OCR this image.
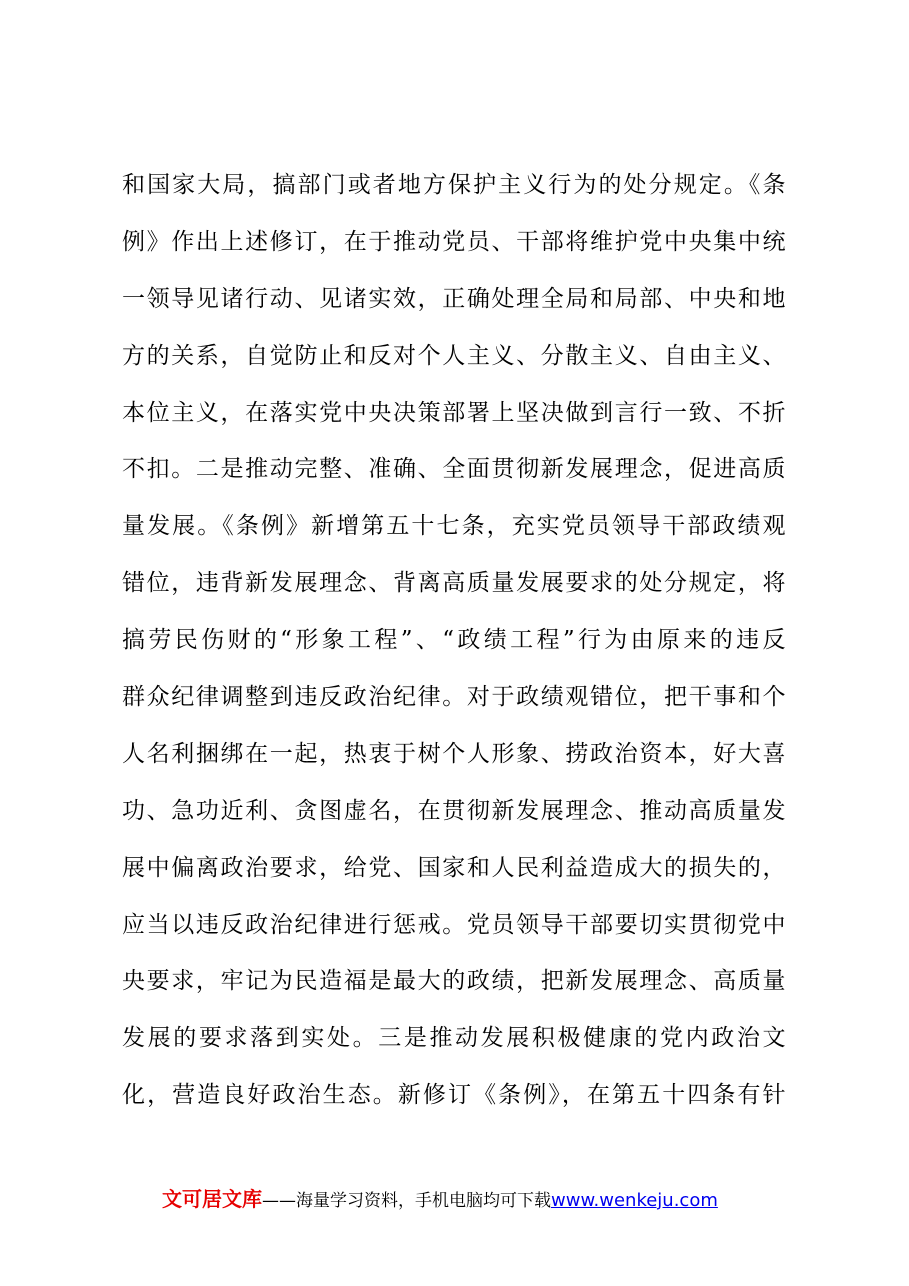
和国家大局，搞部门或者地方保护主义行为的处分规定。《条
例》作出上述修订，在于推动党员、干部将维护党中央集中统
一领导见诸行动、见诸实效，正确处理全局和局部、中央和地
方的关系，自觉防止和反对个人主义、分散主义、自由主义、
本位主义，在落实党中央决策部署上坚决做到言行一致、不折
不扣。二是推动完整、准确、全面贯彻新发展理念，促进高质
量发展。《条例》新增第五十七条，充实党员领导干部政绩观
错位，违背新发展理念、背离高质量发展要求的处分规定，将
搞劳民伤财的“形象工程”、“政绩工程”行为由原来的违反
群众纪律调整到违反政治纪律。对于政绩观错位，把干事和个
人名利捆绑在一起，热衷于树个人形象、捞政治资本，好大喜
功、急功近利、贪图虚名，在贯彻新发展理念、推动高质量发
展中偏离政治要求，给党、国家和人民利益造成大的损失的，
应当以违反政治纪律进行惩戒。党员领导干部要切实贯彻党中
央要求，牢记为民造福是最大的政绩，把新发展理念、高质量
发展的要求落到实处。三是推动发展积极健康的党内政治文
化，营造良好政治生态。新修订《条例》，在第五十四条有针
文可居文库 ——海量学习资料，手机电脑均可下载 www.wenkeju.com
